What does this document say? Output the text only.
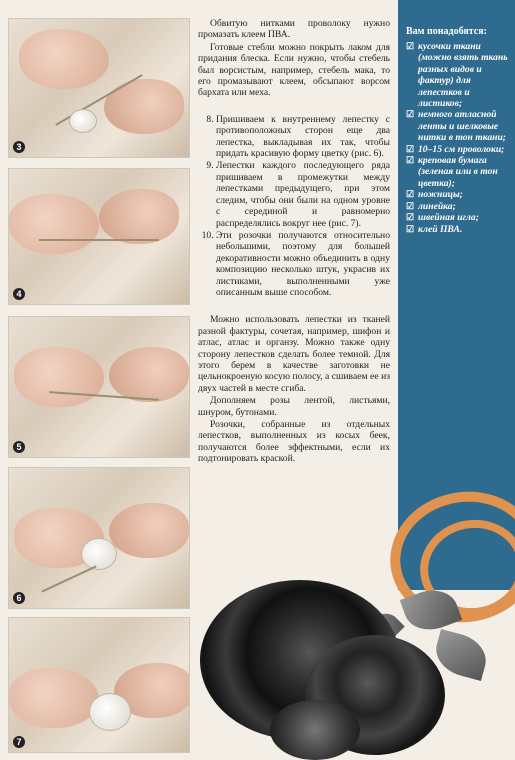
3
4
5
6
7

Обвитую нитками проволоку нужно промазать клеем ПВА.

Готовые стебли можно покрыть лаком для придания блеска. Если нужно, чтобы стебель был ворсистым, например, стебель мака, то его промазывают клеем, обсыпают ворсом бархата или меха.

8. Пришиваем к внутреннему лепестку с противоположных сторон еще два лепестка, выкладывая их так, чтобы придать красивую форму цветку (рис. 6).
9. Лепестки каждого последующего ряда пришиваем в промежутки между лепестками предыдущего, при этом следим, чтобы они были на одном уровне с серединой и равномерно распределялись вокруг нее (рис. 7).
10. Эти розочки получаются относительно небольшими, поэтому для большей декоративности можно объединить в одну композицию несколько штук, украсив их листиками, выполненными уже описанным выше способом.

Можно использовать лепестки из тканей разной фактуры, сочетая, например, шифон и атлас, атлас и органзу. Можно также одну сторону лепестков сделать более темной. Для этого берем в качестве заготовки не цельнокроеную косую полосу, а сшиваем ее из двух частей в месте сгиба.

Дополняем розы лентой, листьями, шнуром, бутонами.

Розочки, собранные из отдельных лепестков, выполненных из косых беек, получаются более эффектными, если их подтонировать краской.

Вам понадобятся:
☑ кусочки ткани (можно взять ткань разных видов и фактур) для лепестков и листиков;
☑ немного атласной ленты и шелковые нитки в тон ткани;
☑ 10–15 см проволоки;
☑ креповая бумага (зеленая или в тон цветка);
☑ ножницы;
☑ линейка;
☑ швейная игла;
☑ клей ПВА.
